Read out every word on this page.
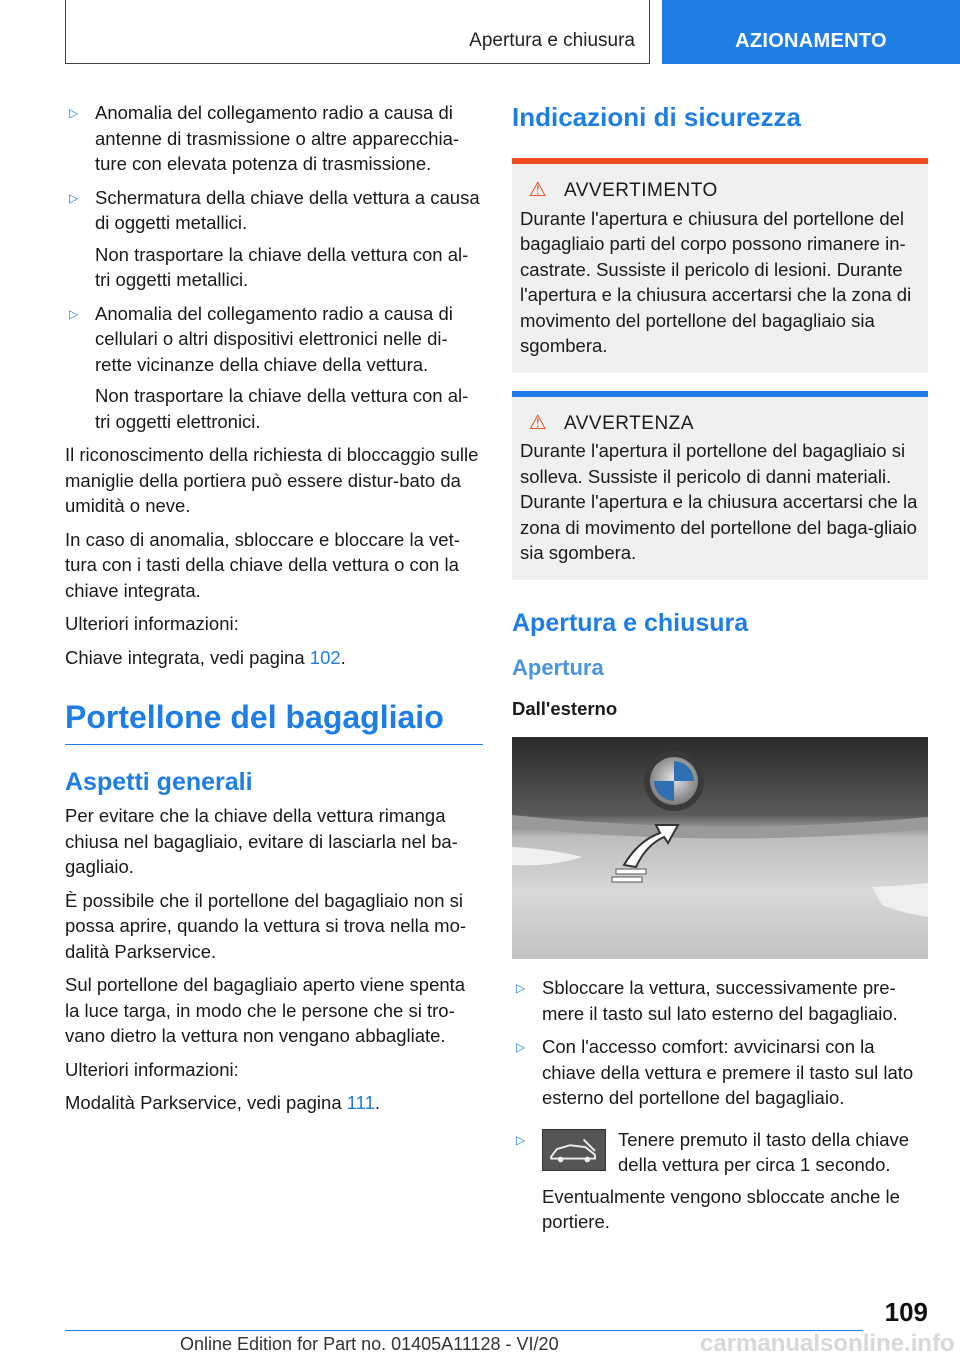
Apertura e chiusura	AZIONAMENTO
▷ Anomalia del collegamento radio a causa di antenne di trasmissione o altre apparecchia-ture con elevata potenza di trasmissione.

▷ Schermatura della chiave della vettura a causa di oggetti metallici.

Non trasportare la chiave della vettura con al-tri oggetti metallici.

▷ Anomalia del collegamento radio a causa di cellulari o altri dispositivi elettronici nelle di-rette vicinanze della chiave della vettura.

Non trasportare la chiave della vettura con al-tri oggetti elettronici.

Il riconoscimento della richiesta di bloccaggio sulle maniglie della portiera può essere distur-bato da umidità o neve.

In caso di anomalia, sbloccare e bloccare la vet-tura con i tasti della chiave della vettura o con la chiave integrata.

Ulteriori informazioni:

Chiave integrata, vedi pagina 102.

Portellone del bagagliaio
Aspetti generali

Per evitare che la chiave della vettura rimanga chiusa nel bagagliaio, evitare di lasciarla nel ba-gagliaio.

È possibile che il portellone del bagagliaio non si possa aprire, quando la vettura si trova nella mo-dalità Parkservice.

Sul portellone del bagagliaio aperto viene spenta la luce targa, in modo che le persone che si tro-vano dietro la vettura non vengano abbagliate.

Ulteriori informazioni:

Modalità Parkservice, vedi pagina 111.

Indicazioni di sicurezza
⚠ AVVERTIMENTO
Durante l'apertura e chiusura del portellone del bagagliaio parti del corpo possono rimanere in-castrate. Sussiste il pericolo di lesioni. Durante l'apertura e la chiusura accertarsi che la zona di movimento del portellone del bagagliaio sia sgombera.
⚠ AVVERTENZA
Durante l'apertura il portellone del bagagliaio si solleva. Sussiste il pericolo di danni materiali. Durante l'apertura e la chiusura accertarsi che la zona di movimento del portellone del baga-gliaio sia sgombera.
Apertura e chiusura
Apertura
Dall'esterno
▷ Sbloccare la vettura, successivamente pre-mere il tasto sul lato esterno del bagagliaio.

▷ Con l'accesso comfort: avvicinarsi con la chiave della vettura e premere il tasto sul lato esterno del portellone del bagagliaio.

▷	Tenere premuto il tasto della chiave della vettura per circa 1 secondo.

Eventualmente vengono sbloccate anche le portiere.

109
Online Edition for Part no. 01405A11128 - VI/20	carmanualsonline.info
